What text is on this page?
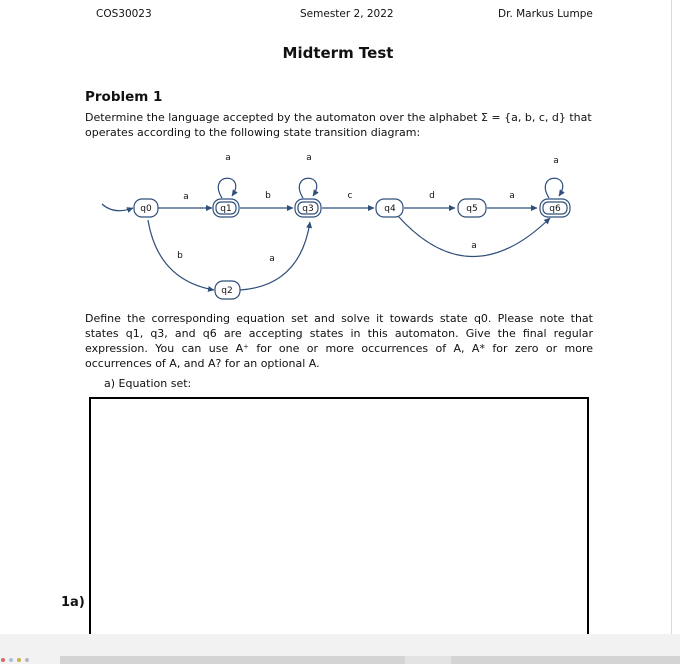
COS30023	Semester 2, 2022	Dr. Markus Lumpe
Midterm Test
Problem 1
Determine the language accepted by the automaton over the alphabet Σ = {a, b, c, d} that operates according to the following state transition diagram:
q0	q1
q2
q3	q4	q5	q6
a
a
b
a
c	d	a
a
a
b	a
Define the corresponding equation set and solve it towards state q0. Please note that states q1, q3, and q6 are accepting states in this automaton. Give the final regular expression. You can use A⁺ for one or more occurrences of A, A* for zero or more occurrences of A, and A? for an optional A.
a) Equation set:
1a)
